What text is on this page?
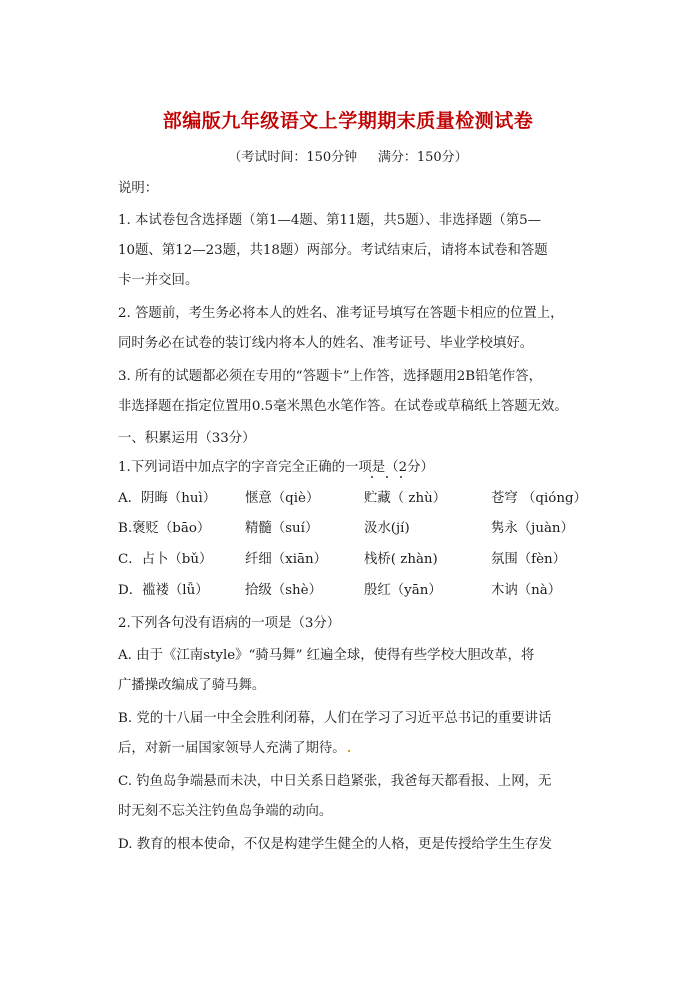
部编版九年级语文上学期期末质量检测试卷
（考试时间：150分钟     满分：150分）
说明：
1. 本试卷包含选择题（第1—4题、第11题，共5题）、非选择题（第5—
10题、第12—23题，共18题）两部分。考试结束后，请将本试卷和答题
卡一并交回。
2. 答题前，考生务必将本人的姓名、准考证号填写在答题卡相应的位置上，
同时务必在试卷的装订线内将本人的姓名、准考证号、毕业学校填好。
3. 所有的试题都必须在专用的“答题卡”上作答，选择题用2B铅笔作答，
非选择题在指定位置用0.5毫米黑色水笔作答。在试卷或草稿纸上答题无效。
一、积累运用（33分）
1.下列词语中加点字的字音完全正确的一项是（2分）
A．阴晦（huì） 惬意（qiè）	贮藏（ zhù）	苍穹 （qióng）
B.褒贬（bāo）	精髓（suí）	汲水(jí)	隽永（juàn）
C．占卜（bǔ） 纤细（xiān）	栈桥( zhàn)	氛围（fèn）
D．褴褛（lǚ）	拾级（shè）	殷红（yān）	木讷（nà）
2.下列各句没有语病的一项是（3分）
A. 由于《江南style》“骑马舞” 红遍全球，使得有些学校大胆改革，将
广播操改编成了骑马舞。
B. 党的十八届一中全会胜利闭幕，人们在学习了习近平总书记的重要讲话
后，对新一届国家领导人充满了期待。
C. 钓鱼岛争端悬而未决，中日关系日趋紧张，我爸每天都看报、上网，无
时无刻不忘关注钓鱼岛争端的动向。
D. 教育的根本使命，不仅是构建学生健全的人格，更是传授给学生生存发
